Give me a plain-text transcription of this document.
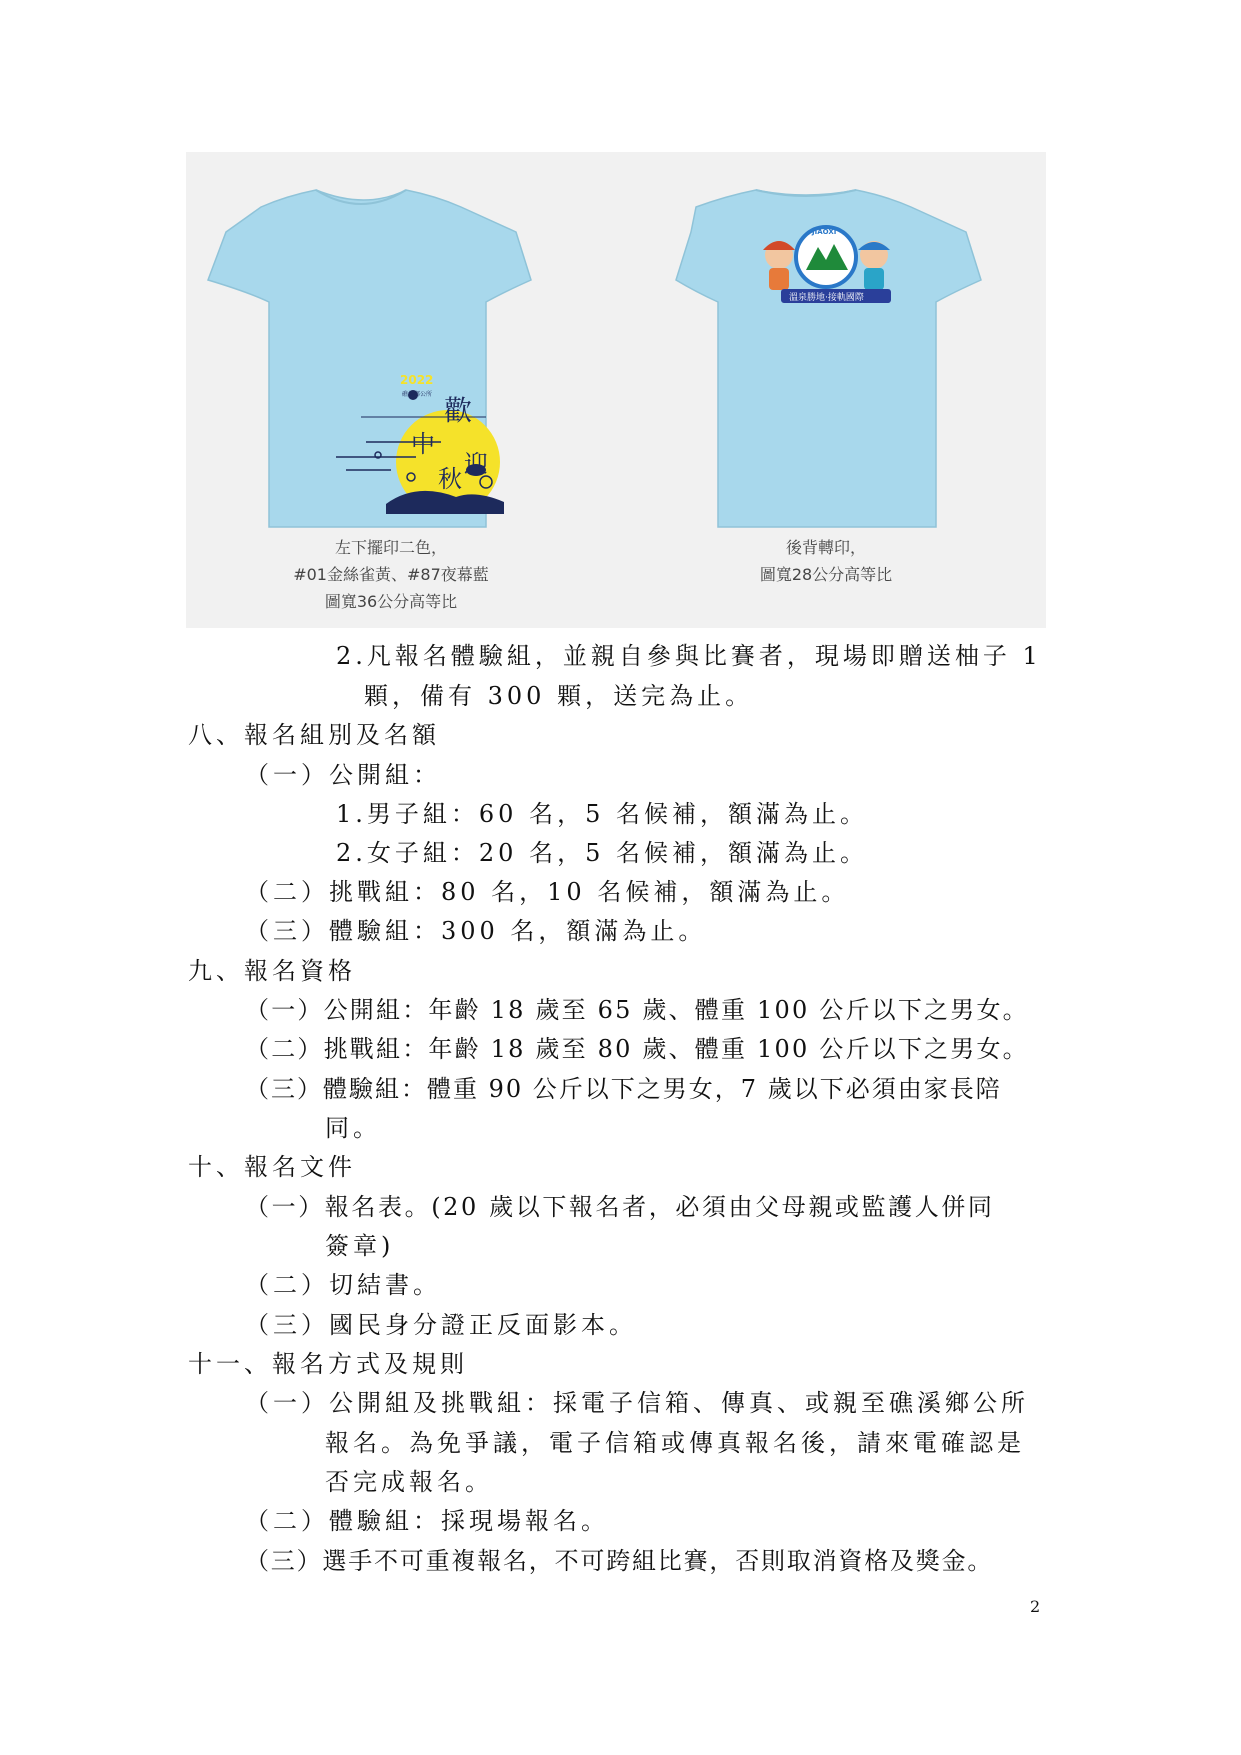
2022
礁溪鄉公所 歡
迎
中
秋
JIAOXI
溫泉勝地‧接軌國際
左下擺印二色，
#01金絲雀黃、#87夜幕藍
圖寬36公分高等比
後背轉印，
圖寬28公分高等比
2.凡報名體驗組，並親自參與比賽者，現場即贈送柚子 1
顆，備有 300 顆，送完為止。
八、報名組別及名額
（一）公開組：
1.男子組：60 名，5 名候補，額滿為止。
2.女子組：20 名，5 名候補，額滿為止。
（二）挑戰組：80 名，10 名候補，額滿為止。
（三）體驗組：300 名，額滿為止。
九、報名資格
（一）公開組：年齡 18 歲至 65 歲、體重 100 公斤以下之男女。
（二）挑戰組：年齡 18 歲至 80 歲、體重 100 公斤以下之男女。
（三）體驗組：體重 90 公斤以下之男女，7 歲以下必須由家長陪
同。
十、報名文件
（一）報名表。(20 歲以下報名者，必須由父母親或監護人併同
簽章)
（二）切結書。
（三）國民身分證正反面影本。
十一、報名方式及規則
（一）公開組及挑戰組：採電子信箱、傳真、或親至礁溪鄉公所
報名。為免爭議，電子信箱或傳真報名後，請來電確認是
否完成報名。
（二）體驗組：採現場報名。
（三）選手不可重複報名，不可跨組比賽，否則取消資格及獎金。
2
